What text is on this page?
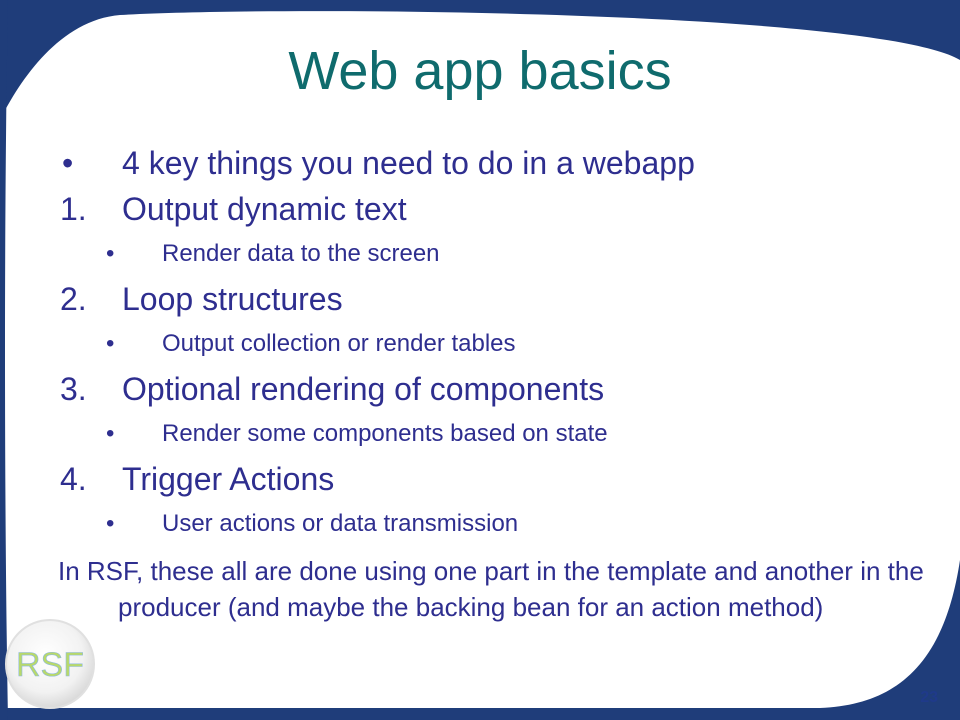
Web app basics
• 4 key things you need to do in a webapp
1. Output dynamic text
• Render data to the screen
2. Loop structures
• Output collection or render tables
3. Optional rendering of components
• Render some components based on state
4. Trigger Actions
• User actions or data transmission

In RSF, these all are done using one part in the template and another in the producer (and maybe the backing bean for an action method)

RSF
23
